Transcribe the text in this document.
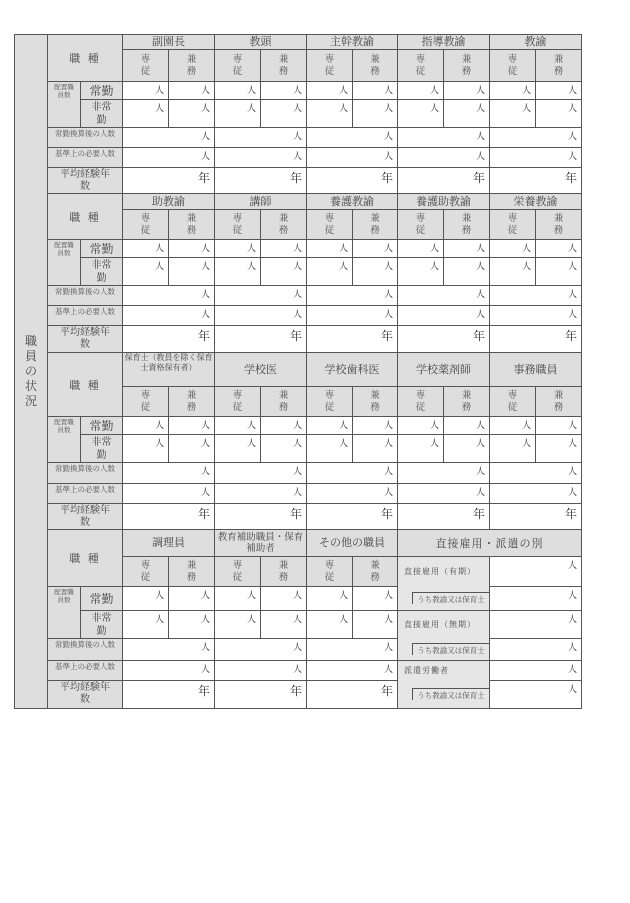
職員の状況	職 種		副園長		教頭		主幹教諭		指導教諭		教諭	
			専従	兼務	専従	兼務	専従	兼務	専従	兼務	専従	兼務
	配置職員数	常勤	人	人	人	人	人	人	人	人	人	人
		非常勤	人	人	人	人	人	人	人	人	人	人
	常勤換算後の人数		人		人		人		人		人	
	基準上の必要人数		人		人		人		人		人	
	平均経験年数		年		年		年		年		年	
	職 種		助教諭		講師		養護教諭		養護助教諭		栄養教諭	
			専従	兼務	専従	兼務	専従	兼務	専従	兼務	専従	兼務
	配置職員数	常勤	人	人	人	人	人	人	人	人	人	人
		非常勤	人	人	人	人	人	人	人	人	人	人
	常勤換算後の人数		人		人		人		人		人	
	基準上の必要人数		人		人		人		人		人	
	平均経験年数		年		年		年		年		年	
	職 種		保育士（教員を除く保育士資格保有者）		学校医		学校歯科医		学校薬剤師		事務職員	
			専従	兼務	専従	兼務	専従	兼務	専従	兼務	専従	兼務
	配置職員数	常勤	人	人	人	人	人	人	人	人	人	人
		非常勤	人	人	人	人	人	人	人	人	人	人
	常勤換算後の人数		人		人		人		人		人	
	基準上の必要人数		人		人		人		人		人	
	平均経験年数		年		年		年		年		年	
	職 種		調理員		教育補助職員・保育補助者		その他の職員		直接雇用・派遣の別			
			専従	兼務	専従	兼務	専従	兼務	直接雇用（有期）		人	
	配置職員数	常勤	人	人	人	人	人	人	うち教諭又は保育士		人	
		非常勤	人	人	人	人	人	人	直接雇用（無期）		人	
	常勤換算後の人数		人		人		人		うち教諭又は保育士		人	
	基準上の必要人数		人		人		人		派遣労働者		人	
	平均経験年数		年		年		年		うち教諭又は保育士		人	
